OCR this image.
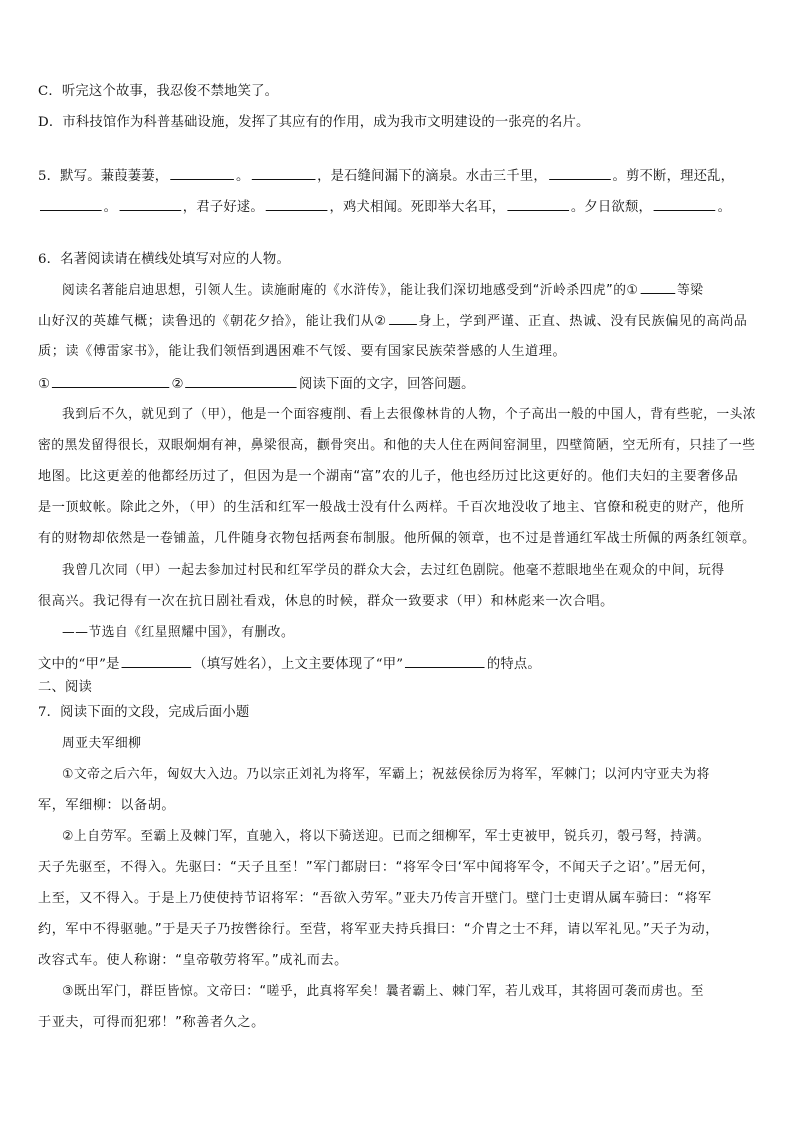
C．听完这个故事，我忍俊不禁地笑了。
D．市科技馆作为科普基础设施，发挥了其应有的作用，成为我市文明建设的一张亮的名片。
5．默写。蒹葭萋萋，	。	，是石缝间漏下的滴泉。水击三千里，	。剪不断，理还乱，
。	，君子好逑。	，鸡犬相闻。死即举大名耳，	。夕日欲颓，	。
6．名著阅读请在横线处填写对应的人物。
阅读名著能启迪思想，引领人生。读施耐庵的《水浒传》，能让我们深切地感受到“沂岭杀四虎”的①	等梁
山好汉的英雄气概；读鲁迅的《朝花夕拾》，能让我们从② 身上，学到严谨、正直、热诚、没有民族偏见的高尚品
质；读《傅雷家书》，能让我们领悟到遇困难不气馁、要有国家民族荣誉感的人生道理。
①	②	阅读下面的文字，回答问题。
我到后不久，就见到了（甲），他是一个面容瘦削、看上去很像林肯的人物，个子高出一般的中国人，背有些驼，一头浓
密的黑发留得很长，双眼炯炯有神，鼻梁很高，颧骨突出。和他的夫人住在两间窑洞里，四壁简陋，空无所有，只挂了一些
地图。比这更差的他都经历过了，但因为是一个湖南“富”农的儿子，他也经历过比这更好的。他们夫妇的主要奢侈品
是一顶蚊帐。除此之外，（甲）的生活和红军一般战士没有什么两样。千百次地没收了地主、官僚和税吏的财产，他所
有的财物却依然是一卷铺盖，几件随身衣物包括两套布制服。他所佩的领章，也不过是普通红军战士所佩的两条红领章。
我曾几次同（甲）一起去参加过村民和红军学员的群众大会，去过红色剧院。他毫不惹眼地坐在观众的中间，玩得
很高兴。我记得有一次在抗日剧社看戏，休息的时候，群众一致要求（甲）和林彪来一次合唱。
——节选自《红星照耀中国》，有删改。
文中的“甲”是	（填写姓名），上文主要体现了“甲”	的特点。
二、阅读
7．阅读下面的文段，完成后面小题
周亚夫军细柳
①文帝之后六年，匈奴大入边。乃以宗正刘礼为将军，军霸上；祝兹侯徐厉为将军，军棘门；以河内守亚夫为将
军，军细柳：以备胡。
②上自劳军。至霸上及棘门军，直驰入，将以下骑送迎。已而之细柳军，军士吏被甲，锐兵刃，彀弓弩，持满。
天子先驱至，不得入。先驱曰：“天子且至！”军门都尉曰：“将军令曰‘军中闻将军令，不闻天子之诏’。”居无何，
上至，又不得入。于是上乃使使持节诏将军：“吾欲入劳军。”亚夫乃传言开壁门。壁门士吏谓从属车骑曰：“将军
约，军中不得驱驰。”于是天子乃按辔徐行。至营，将军亚夫持兵揖曰：“介胄之士不拜，请以军礼见。”天子为动，
改容式车。使人称谢：“皇帝敬劳将军。”成礼而去。
③既出军门，群臣皆惊。文帝曰：“嗟乎，此真将军矣！曩者霸上、棘门军，若儿戏耳，其将固可袭而虏也。至
于亚夫，可得而犯邪！”称善者久之。
